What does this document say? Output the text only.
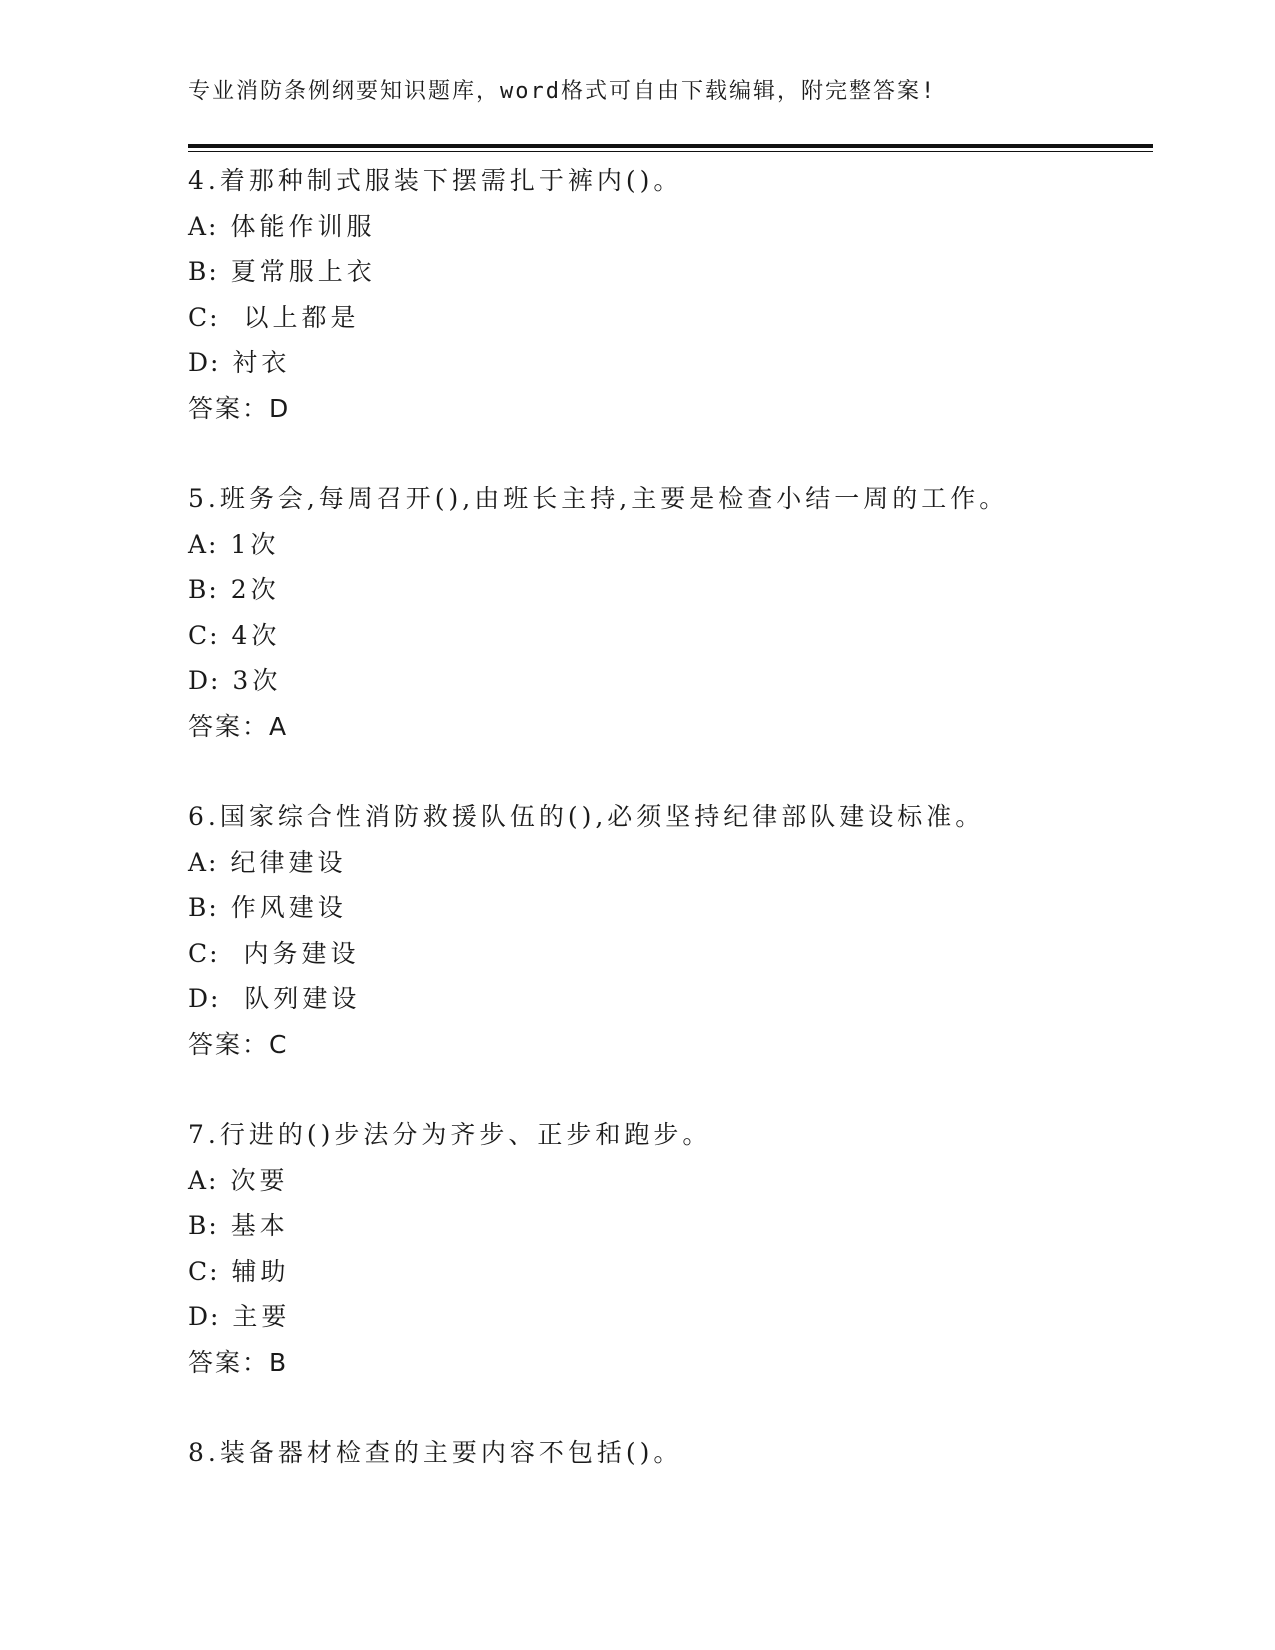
专业消防条例纲要知识题库，word格式可自由下载编辑，附完整答案!
4.着那种制式服装下摆需扎于裤内()。
A: 体能作训服
B: 夏常服上衣
C:  以上都是
D: 衬衣
答案：D
5.班务会,每周召开(),由班长主持,主要是检查小结一周的工作。
A: 1次
B: 2次
C: 4次
D: 3次
答案：A
6.国家综合性消防救援队伍的(),必须坚持纪律部队建设标准。
A: 纪律建设
B: 作风建设
C:  内务建设
D:  队列建设
答案：C
7.行进的()步法分为齐步、正步和跑步。
A: 次要
B: 基本
C: 辅助
D: 主要
答案：B
8.装备器材检查的主要内容不包括()。
